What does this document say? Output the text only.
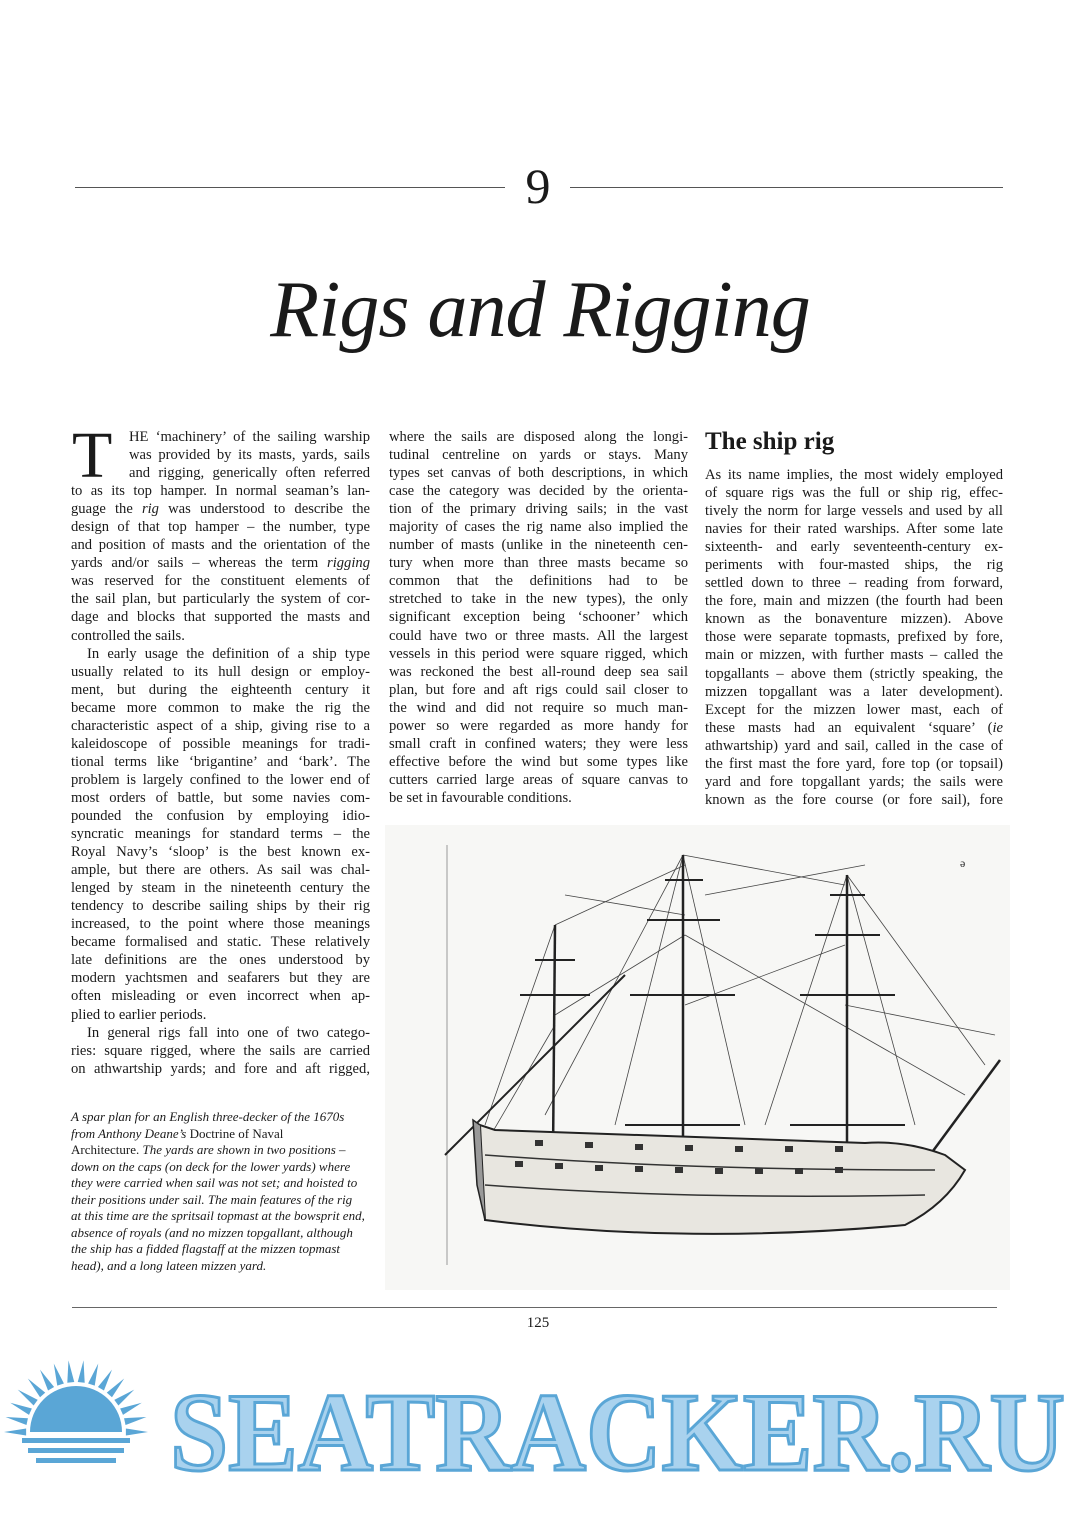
9
Rigs and Rigging
T	HE ‘machinery’ of the sailing warship
was provided by its masts, yards, sails
and rigging, generically often referred
to as its top hamper. In normal seaman’s lan-
guage the rig was understood to describe the
design of that top hamper – the number, type
and position of masts and the orientation of the
yards and/or sails – whereas the term rigging
was reserved for the constituent elements of
the sail plan, but particularly the system of cor-
dage and blocks that supported the masts and
controlled the sails.
In early usage the definition of a ship type
usually related to its hull design or employ-
ment, but during the eighteenth century it
became more common to make the rig the
characteristic aspect of a ship, giving rise to a
kaleidoscope of possible meanings for tradi-
tional terms like ‘brigantine’ and ‘bark’. The
problem is largely confined to the lower end of
most orders of battle, but some navies com-
pounded the confusion by employing idio-
syncratic meanings for standard terms – the
Royal Navy’s ‘sloop’ is the best known ex-
ample, but there are others. As sail was chal-
lenged by steam in the nineteenth century the
tendency to describe sailing ships by their rig
increased, to the point where those meanings
became formalised and static. These relatively
late definitions are the ones understood by
modern yachtsmen and seafarers but they are
often misleading or even incorrect when ap-
plied to earlier periods.
In general rigs fall into one of two catego-
ries: square rigged, where the sails are carried
on athwartship yards; and fore and aft rigged,
where the sails are disposed along the longi-
tudinal centreline on yards or stays. Many
types set canvas of both descriptions, in which
case the category was decided by the orienta-
tion of the primary driving sails; in the vast
majority of cases the rig name also implied the
number of masts (unlike in the nineteenth cen-
tury when more than three masts became so
common that the definitions had to be
stretched to take in the new types), the only
significant exception being ‘schooner’ which
could have two or three masts. All the largest
vessels in this period were square rigged, which
was reckoned the best all-round deep sea sail
plan, but fore and aft rigs could sail closer to
the wind and did not require so much man-
power so were regarded as more handy for
small craft in confined waters; they were less
effective before the wind but some types like
cutters carried large areas of square canvas to
be set in favourable conditions.
The ship rig
As its name implies, the most widely employed
of square rigs was the full or ship rig, effec-
tively the norm for large vessels and used by all
navies for their rated warships. After some late
sixteenth- and early seventeenth-century ex-
periments with four-masted ships, the rig
settled down to three – reading from forward,
the fore, main and mizzen (the fourth had been
known as the bonaventure mizzen). Above
those were separate topmasts, prefixed by fore,
main or mizzen, with further masts – called the
topgallants – above them (strictly speaking, the
mizzen topgallant was a later development).
Except for the mizzen lower mast, each of
these masts had an equivalent ‘square’ (ie
athwartship) yard and sail, called in the case of
the first mast the fore yard, fore top (or topsail)
yard and fore topgallant yards; the sails were
known as the fore course (or fore sail), fore
A spar plan for an English three-decker of the 1670s
from Anthony Deane’s Doctrine of Naval
Architecture. The yards are shown in two positions –
down on the caps (on deck for the lower yards) where
they were carried when sail was not set; and hoisted to
their positions under sail. The main features of the rig
at this time are the spritsail topmast at the bowsprit end,
absence of royals (and no mizzen topgallant, although
the ship has a fidded flagstaff at the mizzen topmast
head), and a long lateen mizzen yard.
ə
125
SEATRACKER.RU
